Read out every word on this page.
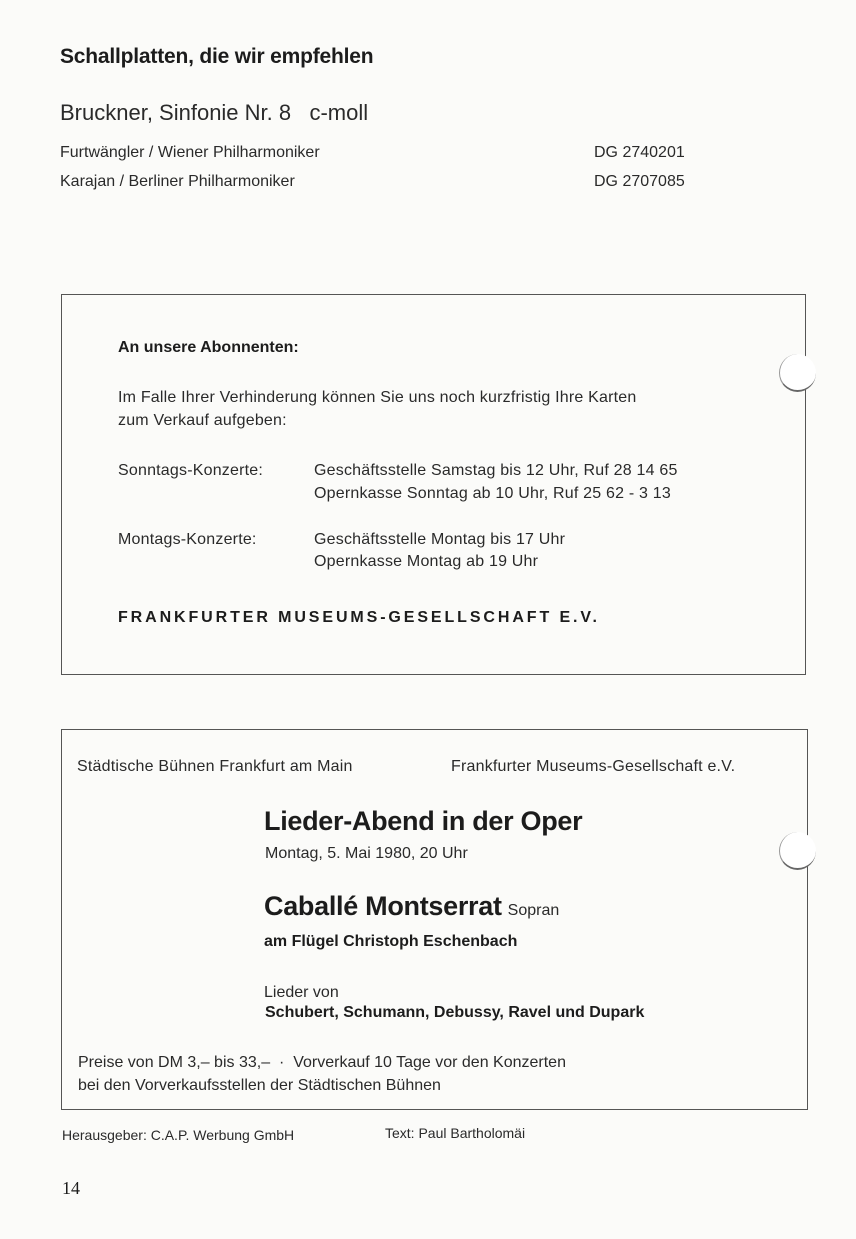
Schallplatten, die wir empfehlen
Bruckner, Sinfonie Nr. 8   c-moll
Furtwängler / Wiener Philharmoniker	DG 2740201
Karajan / Berliner Philharmoniker	DG 2707085
An unsere Abonnenten:
Im Falle Ihrer Verhinderung können Sie uns noch kurzfristig Ihre Karten
zum Verkauf aufgeben:
Sonntags-Konzerte:	Geschäftsstelle Samstag bis 12 Uhr, Ruf 28 14 65
Opernkasse Sonntag ab 10 Uhr, Ruf 25 62 - 3 13
Montags-Konzerte:	Geschäftsstelle Montag bis 17 Uhr
Opernkasse Montag ab 19 Uhr
FRANKFURTER MUSEUMS-GESELLSCHAFT E.V.
Städtische Bühnen Frankfurt am Main	Frankfurter Museums-Gesellschaft e.V.
Lieder-Abend in der Oper
Montag, 5. Mai 1980, 20 Uhr
Caballé Montserrat Sopran
am Flügel Christoph Eschenbach
Lieder von
Schubert, Schumann, Debussy, Ravel und Dupark
Preise von DM 3,– bis 33,–  ·  Vorverkauf 10 Tage vor den Konzerten
bei den Vorverkaufsstellen der Städtischen Bühnen
Herausgeber: C.A.P. Werbung GmbH	Text: Paul Bartholomäi
14
